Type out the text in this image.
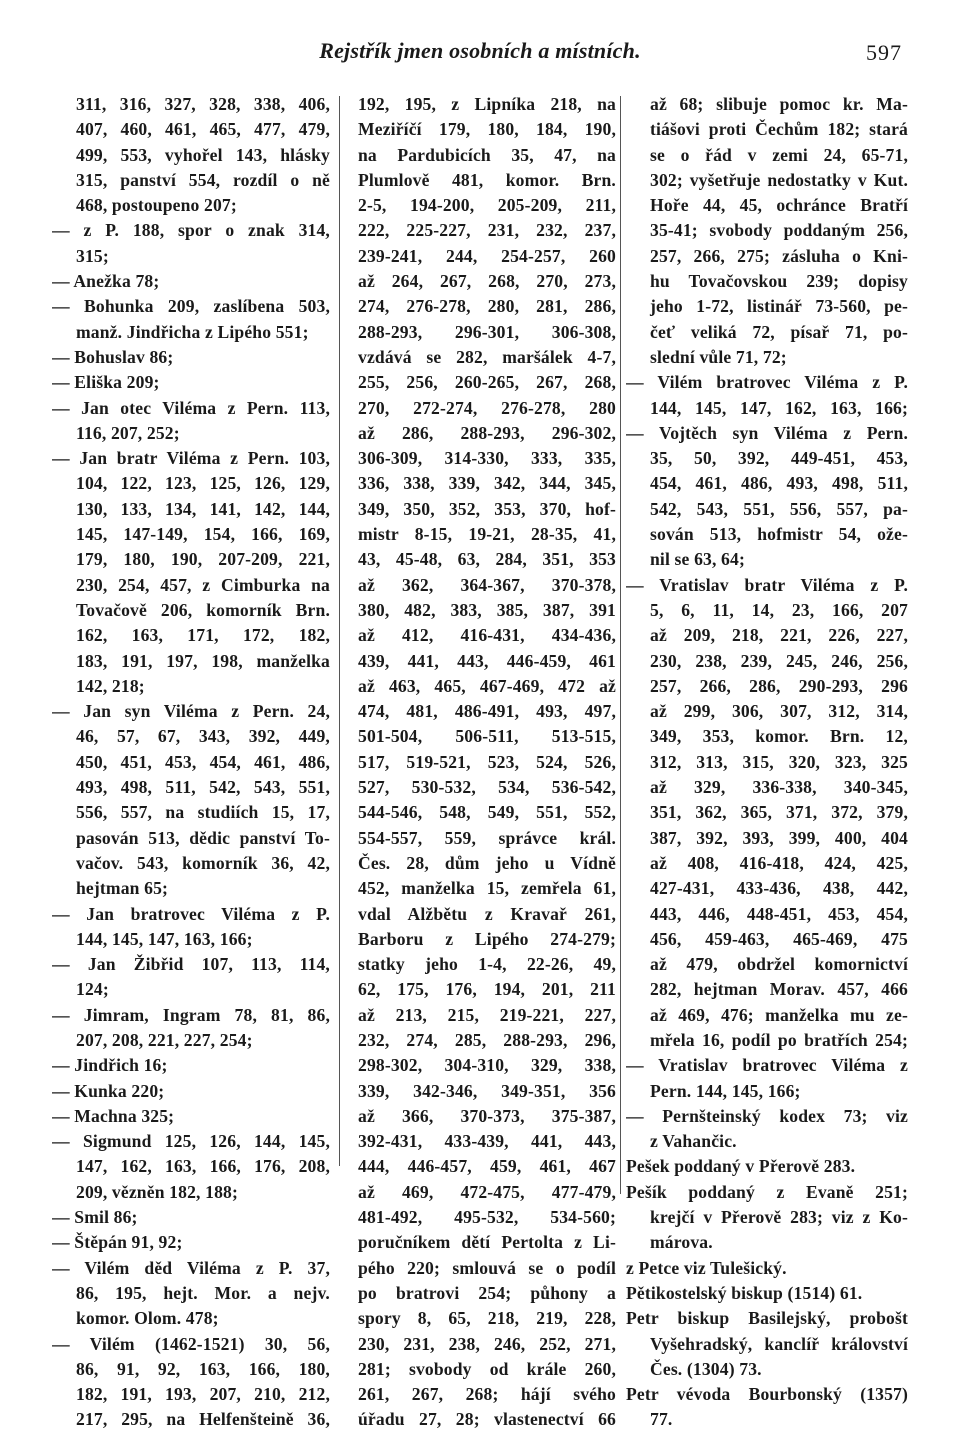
Rejstřík jmen osobních a místních.	597
311, 316, 327, 328, 338, 406,
407, 460, 461, 465, 477, 479,
499, 553, vyhořel 143, hlásky
315, panství 554, rozdíl o ně
468, postoupeno 207;
— z P. 188, spor o znak 314,
315;
— Anežka 78;
— Bohunka 209, zaslíbena 503,
manž. Jindřicha z Lipého 551;
— Bohuslav 86;
— Eliška 209;
— Jan otec Viléma z Pern. 113,
116, 207, 252;
— Jan bratr Viléma z Pern. 103,
104, 122, 123, 125, 126, 129,
130, 133, 134, 141, 142, 144,
145, 147-149, 154, 166, 169,
179, 180, 190, 207-209, 221,
230, 254, 457, z Cimburka na
Tovačově 206, komorník Brn.
162, 163, 171, 172, 182,
183, 191, 197, 198, manželka
142, 218;
— Jan syn Viléma z Pern. 24,
46, 57, 67, 343, 392, 449,
450, 451, 453, 454, 461, 486,
493, 498, 511, 542, 543, 551,
556, 557, na studiích 15, 17,
pasován 513, dědic panství To-
vačov. 543, komorník 36, 42,
hejtman 65;
— Jan bratrovec Viléma z P.
144, 145, 147, 163, 166;
— Jan Žibřid 107, 113, 114,
124;
— Jimram, Ingram 78, 81, 86,
207, 208, 221, 227, 254;
— Jindřich 16;
— Kunka 220;
— Machna 325;
— Sigmund 125, 126, 144, 145,
147, 162, 163, 166, 176, 208,
209, vězněn 182, 188;
— Smil 86;
— Štěpán 91, 92;
— Vilém děd Viléma z P. 37,
86, 195, hejt. Mor. a nejv.
komor. Olom. 478;
— Vilém (1462-1521) 30, 56,
86, 91, 92, 163, 166, 180,
182, 191, 193, 207, 210, 212,
217, 295, na Helfenšteině 36,
192, 195, z Lipníka 218, na
Meziříčí 179, 180, 184, 190,
na Pardubicích 35, 47, na
Plumlově 481, komor. Brn.
2-5, 194-200, 205-209, 211,
222, 225-227, 231, 232, 237,
239-241, 244, 254-257, 260
až 264, 267, 268, 270, 273,
274, 276-278, 280, 281, 286,
288-293, 296-301, 306-308,
vzdává se 282, maršálek 4-7,
255, 256, 260-265, 267, 268,
270, 272-274, 276-278, 280
až 286, 288-293, 296-302,
306-309, 314-330, 333, 335,
336, 338, 339, 342, 344, 345,
349, 350, 352, 353, 370, hof-
mistr 8-15, 19-21, 28-35, 41,
43, 45-48, 63, 284, 351, 353
až 362, 364-367, 370-378,
380, 482, 383, 385, 387, 391
až 412, 416-431, 434-436,
439, 441, 443, 446-459, 461
až 463, 465, 467-469, 472 až
474, 481, 486-491, 493, 497,
501-504, 506-511, 513-515,
517, 519-521, 523, 524, 526,
527, 530-532, 534, 536-542,
544-546, 548, 549, 551, 552,
554-557, 559, správce král.
Čes. 28, dům jeho u Vídně
452, manželka 15, zemřela 61,
vdal Alžbětu z Kravař 261,
Barboru z Lipého 274-279;
statky jeho 1-4, 22-26, 49,
62, 175, 176, 194, 201, 211
až 213, 215, 219-221, 227,
232, 274, 285, 288-293, 296,
298-302, 304-310, 329, 338,
339, 342-346, 349-351, 356
až 366, 370-373, 375-387,
392-431, 433-439, 441, 443,
444, 446-457, 459, 461, 467
až 469, 472-475, 477-479,
481-492, 495-532, 534-560;
poručníkem dětí Pertolta z Li-
pého 220; smlouvá se o podíl
po bratrovi 254; půhony a
spory 8, 65, 218, 219, 228,
230, 231, 238, 246, 252, 271,
281; svobody od krále 260,
261, 267, 268; hájí svého
úřadu 27, 28; vlastenectví 66
až 68; slibuje pomoc kr. Ma-
tiášovi proti Čechům 182; stará
se o řád v zemi 24, 65-71,
302; vyšetřuje nedostatky v Kut.
Hoře 44, 45, ochránce Bratří
35-41; svobody poddaným 256,
257, 266, 275; zásluha o Kni-
hu Tovačovskou 239; dopisy
jeho 1-72, listinář 73-560, pe-
čeť veliká 72, písař 71, po-
slední vůle 71, 72;
— Vilém bratrovec Viléma z P.
144, 145, 147, 162, 163, 166;
— Vojtěch syn Viléma z Pern.
35, 50, 392, 449-451, 453,
454, 461, 486, 493, 498, 511,
542, 543, 551, 556, 557, pa-
sován 513, hofmistr 54, ože-
nil se 63, 64;
— Vratislav bratr Viléma z P.
5, 6, 11, 14, 23, 166, 207
až 209, 218, 221, 226, 227,
230, 238, 239, 245, 246, 256,
257, 266, 286, 290-293, 296
až 299, 306, 307, 312, 314,
349, 353, komor. Brn. 12,
312, 313, 315, 320, 323, 325
až 329, 336-338, 340-345,
351, 362, 365, 371, 372, 379,
387, 392, 393, 399, 400, 404
až 408, 416-418, 424, 425,
427-431, 433-436, 438, 442,
443, 446, 448-451, 453, 454,
456, 459-463, 465-469, 475
až 479, obdržel komornictví
282, hejtman Morav. 457, 466
až 469, 476; manželka mu ze-
mřela 16, podíl po bratřích 254;
— Vratislav bratrovec Viléma z
Pern. 144, 145, 166;
— Pernšteinský kodex 73; viz
z Vahančic.
Pešek poddaný v Přerově 283.
Pešík poddaný z Evaně 251;
krejčí v Přerově 283; viz z Ko-
márova.
z Petce viz Tulešický.
Pětikostelský biskup (1514) 61.
Petr biskup Basilejský, probošt
Vyšehradský, kanclíř království
Čes. (1304) 73.
Petr vévoda Bourbonský (1357)
77.
